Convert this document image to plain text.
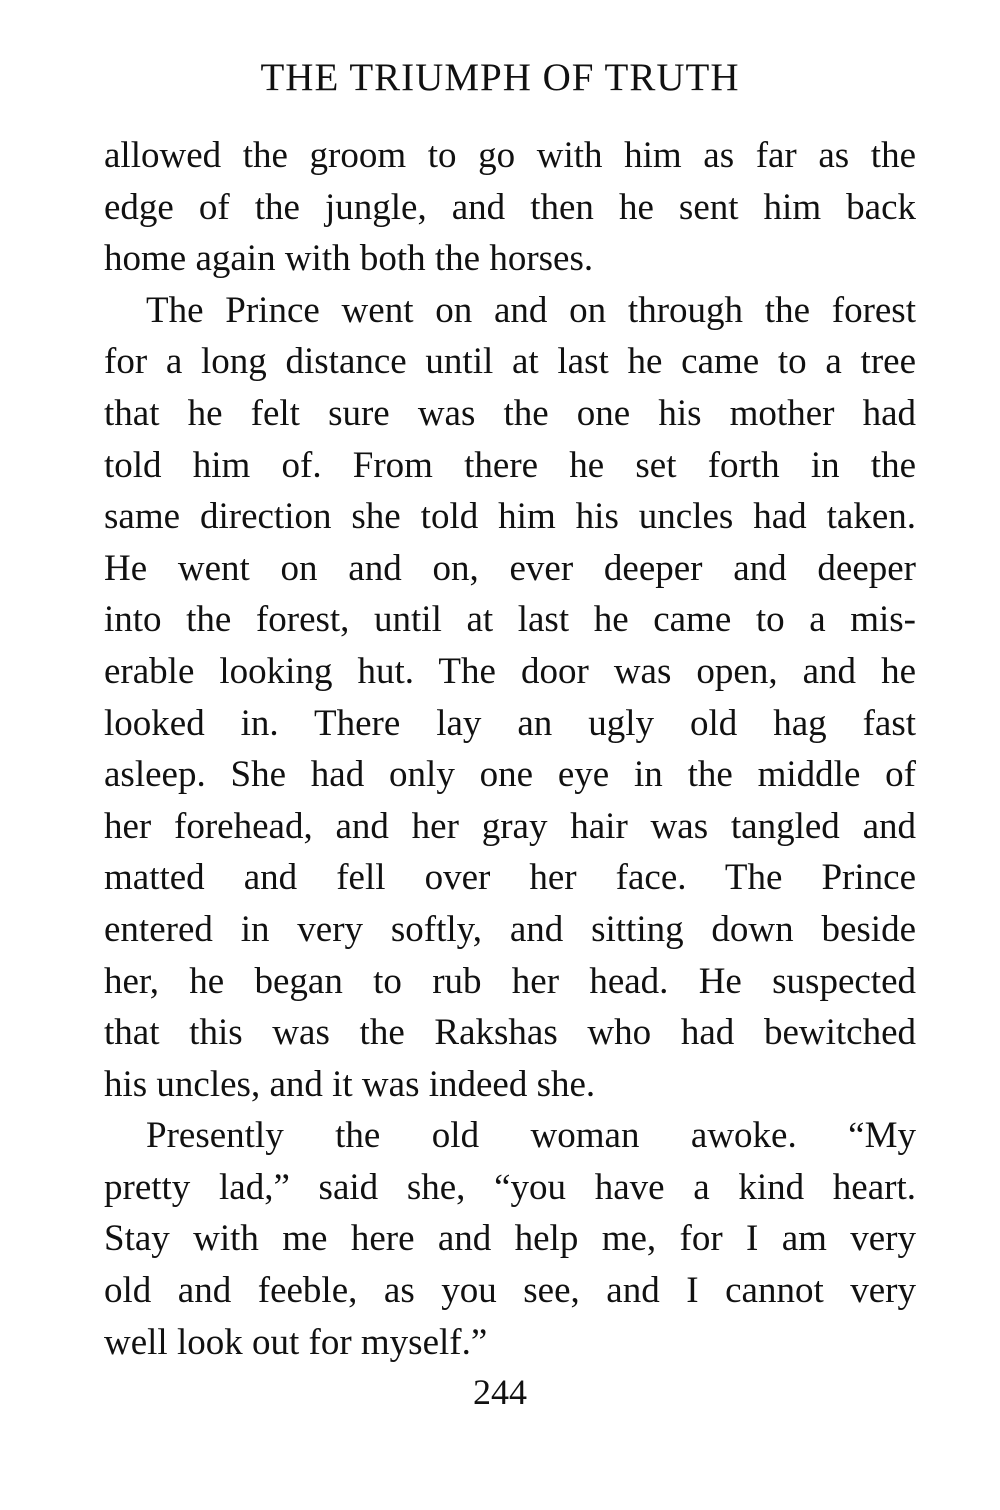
THE TRIUMPH OF TRUTH
allowed the groom to go with him as far as the
edge of the jungle, and then he sent him back
home again with both the horses.
The Prince went on and on through the forest
for a long distance until at last he came to a tree
that he felt sure was the one his mother had
told him of. From there he set forth in the
same direction she told him his uncles had taken.
He went on and on, ever deeper and deeper
into the forest, until at last he came to a mis-
erable looking hut. The door was open, and he
looked in. There lay an ugly old hag fast
asleep. She had only one eye in the middle of
her forehead, and her gray hair was tangled and
matted and fell over her face. The Prince
entered in very softly, and sitting down beside
her, he began to rub her head. He suspected
that this was the Rakshas who had bewitched
his uncles, and it was indeed she.
Presently the old woman awoke. “My
pretty lad,” said she, “you have a kind heart.
Stay with me here and help me, for I am very
old and feeble, as you see, and I cannot very
well look out for myself.”
244
